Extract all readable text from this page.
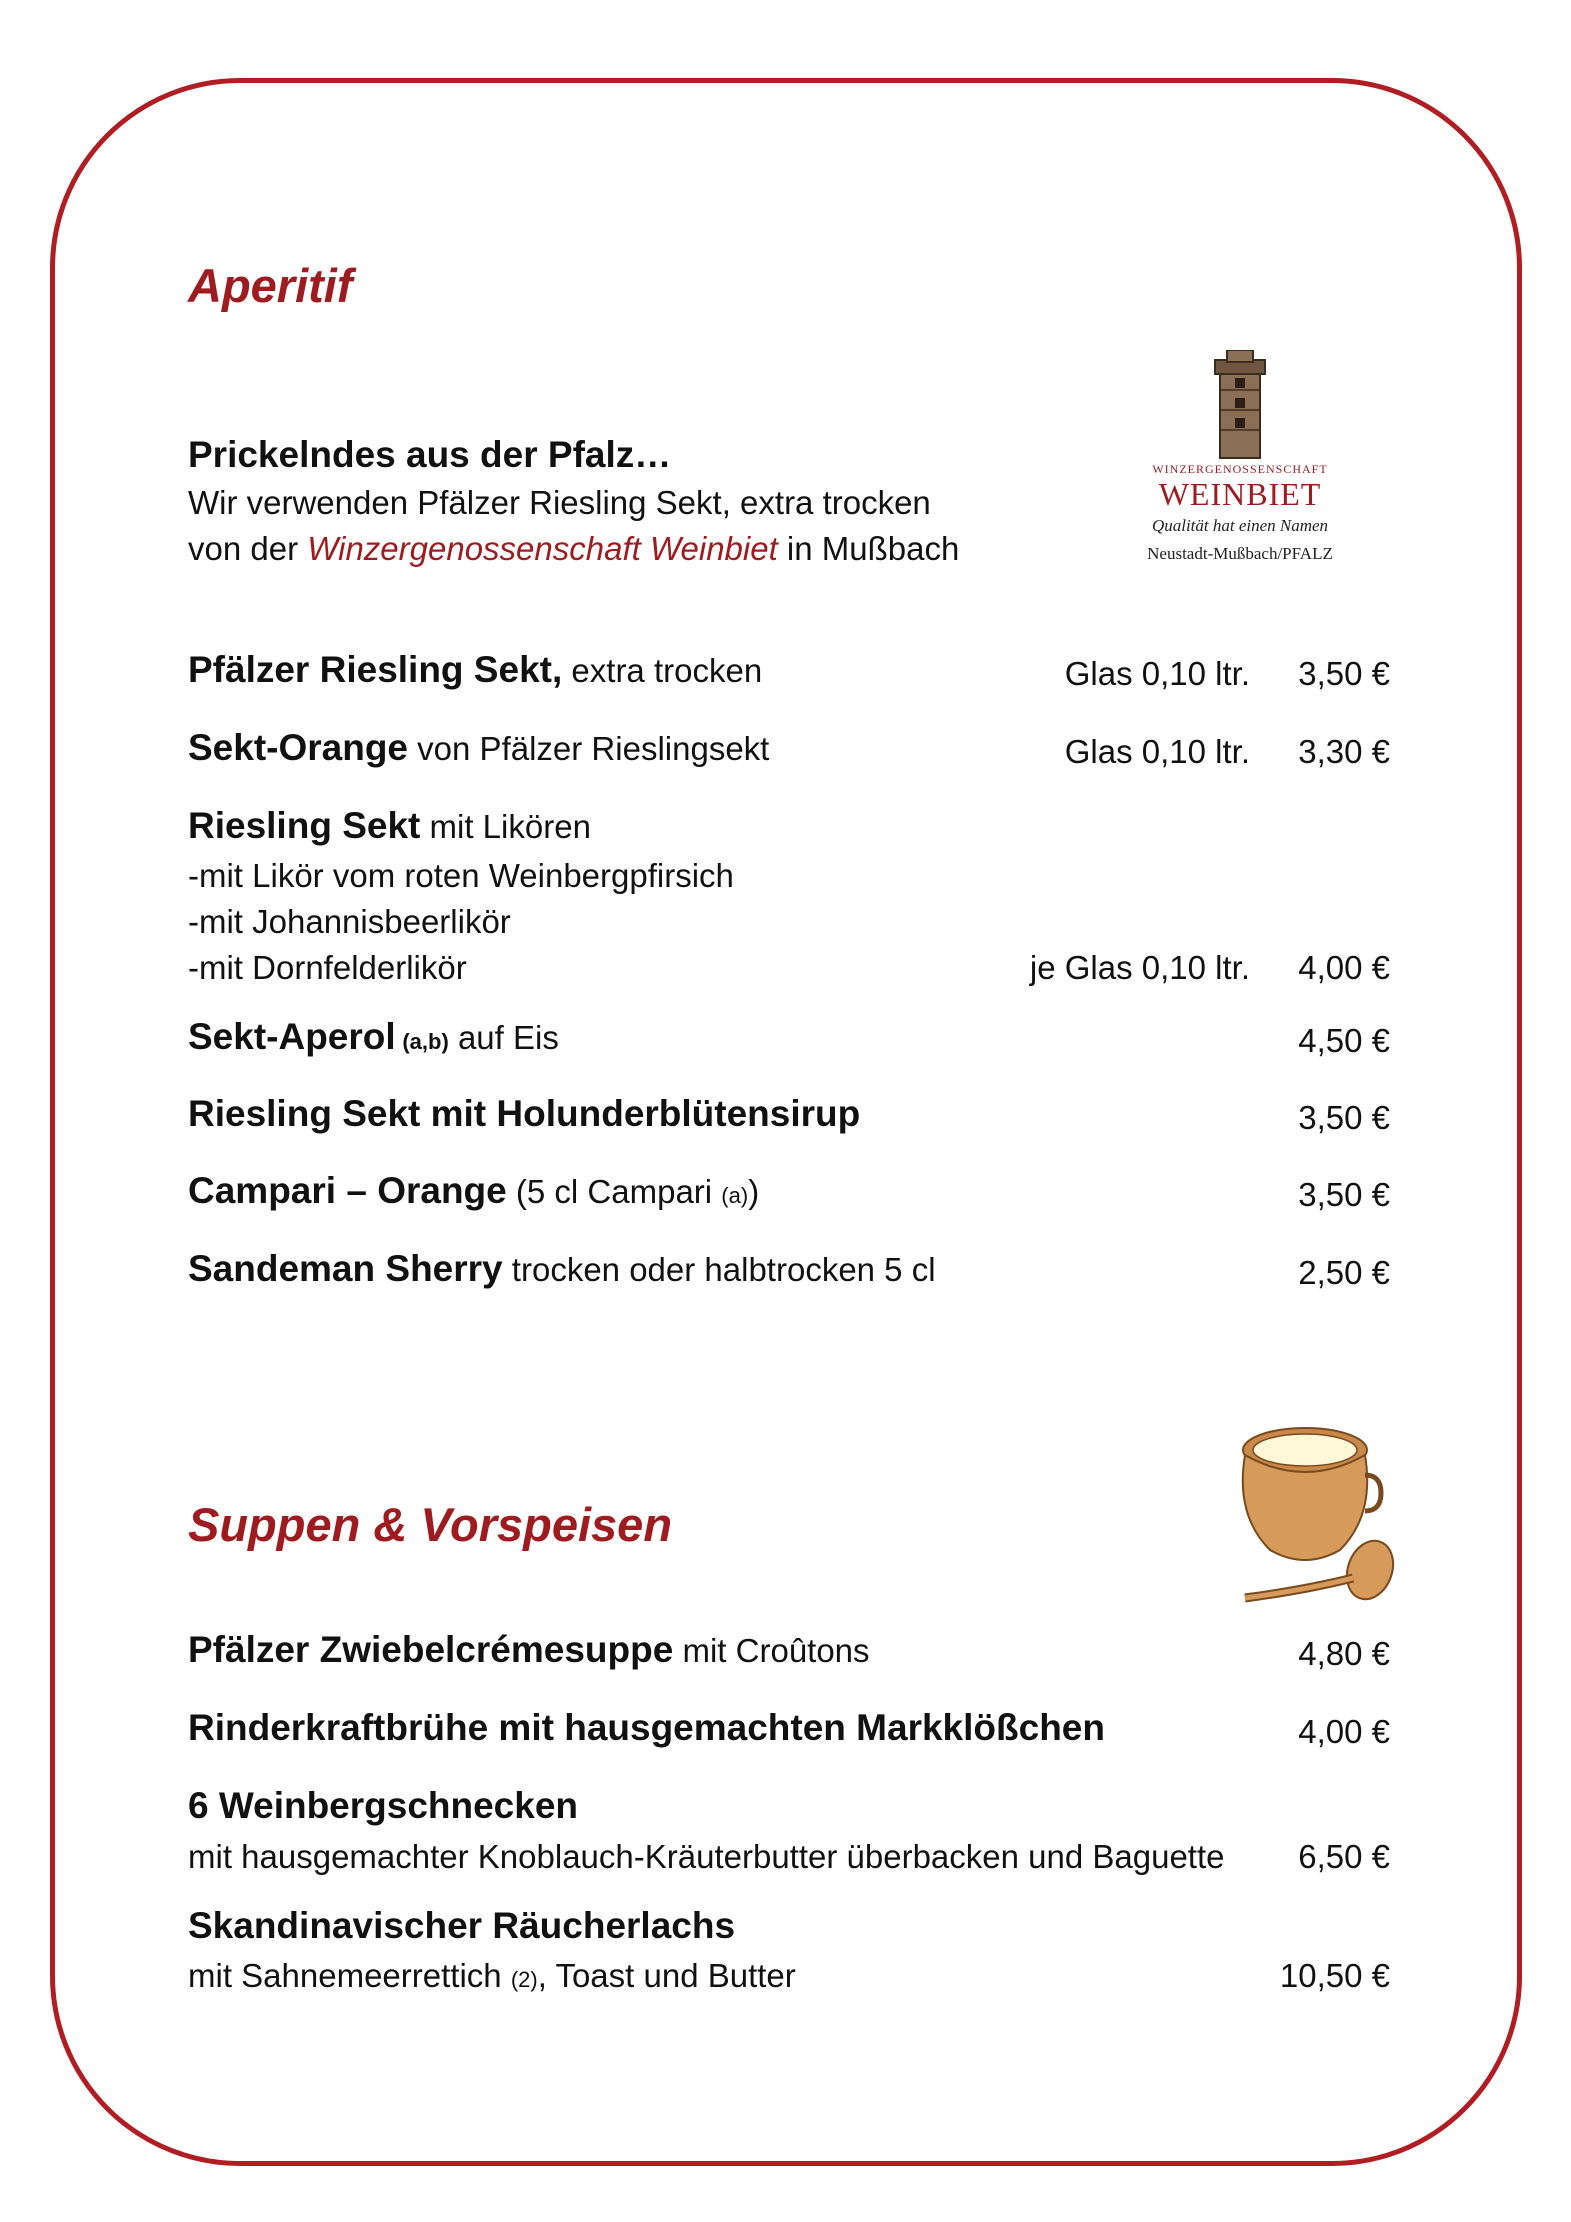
Aperitif
Prickelndes aus der Pfalz…
Wir verwenden Pfälzer Riesling Sekt, extra trocken
von der Winzergenossenschaft Weinbiet in Mußbach
WINZERGENOSSENSCHAFT
WEINBIET
Qualität hat einen Namen
Neustadt-Mußbach/PFALZ
Pfälzer Riesling Sekt, extra trocken	Glas 0,10 ltr.	3,50 €
Sekt-Orange von Pfälzer Rieslingsekt	Glas 0,10 ltr.	3,30 €
Riesling Sekt mit Likören
-mit Likör vom roten Weinbergpfirsich
-mit Johannisbeerlikör
-mit Dornfelderlikör	je Glas 0,10 ltr.	4,00 €
Sekt-Aperol (a,b) auf Eis	4,50 €
Riesling Sekt mit Holunderblütensirup	3,50 €
Campari – Orange (5 cl Campari (a))	3,50 €
Sandeman Sherry trocken oder halbtrocken 5 cl	2,50 €
Suppen & Vorspeisen
Pfälzer Zwiebelcrémesuppe mit Croûtons	4,80 €
Rinderkraftbrühe mit hausgemachten Markklößchen	4,00 €
6 Weinbergschnecken
mit hausgemachter Knoblauch-Kräuterbutter überbacken und Baguette	6,50 €
Skandinavischer Räucherlachs
mit Sahnemeerrettich (2), Toast und Butter	10,50 €
